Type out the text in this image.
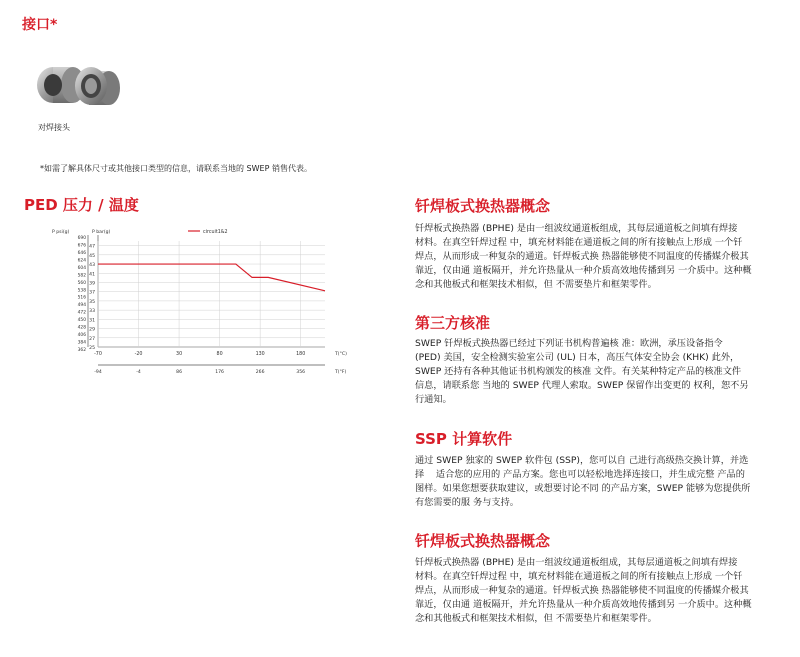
接口*
对焊接头
*如需了解具体尺寸或其他接口类型的信息，请联系当地的 SWEP 销售代表。
PED 压力 / 温度
47
45
43
41
39
37
35
33
31
29
27
25
690
676
646
624
604
582
560
538
516
494
472
450
428
406
384
362
-70	-20	30	80	130	180
-94	-4	86	176	266	356
P psi(g)	P bar(g)
T(°C)
T(°F)
circuit1&2
钎焊板式换热器概念
钎焊板式换热器 (BPHE) 是由一组波纹通道板组成，其每层通道板之间填有焊接
材料。在真空钎焊过程 中，填充材料能在通道板之间的所有接触点上形成 一个钎
焊点，从而形成一种复杂的通道。钎焊板式换 热器能够使不同温度的传播媒介极其
靠近，仅由通 道板隔开，并允许热量从一种介质高效地传播到另 一介质中。这种概
念和其他板式和框架技术相似，但 不需要垫片和框架零件。
第三方核准
SWEP 钎焊板式换热器已经过下列证书机构普遍核 准：欧洲，承压设备指令
(PED) 美国，安全检测实验室公司 (UL) 日本，高压气体安全协会 (KHK) 此外，
SWEP 还持有各种其他证书机构颁发的核准 文件。有关某种特定产品的核准文件
信息，请联系您 当地的 SWEP 代理人索取。SWEP 保留作出变更的 权利，恕不另
行通知。
SSP 计算软件
通过 SWEP 独家的 SWEP 软件包 (SSP)，您可以自 己进行高级热交换计算，并选
择    适合您的应用的 产品方案。您也可以轻松地选择连接口，并生成完整 产品的
图样。如果您想要获取建议，或想要讨论不同 的产品方案，SWEP 能够为您提供所
有您需要的服 务与支持。
钎焊板式换热器概念
钎焊板式换热器 (BPHE) 是由一组波纹通道板组成，其每层通道板之间填有焊接
材料。在真空钎焊过程 中，填充材料能在通道板之间的所有接触点上形成 一个钎
焊点，从而形成一种复杂的通道。钎焊板式换 热器能够使不同温度的传播媒介极其
靠近，仅由通 道板隔开，并允许热量从一种介质高效地传播到另 一介质中。这种概
念和其他板式和框架技术相似，但 不需要垫片和框架零件。
